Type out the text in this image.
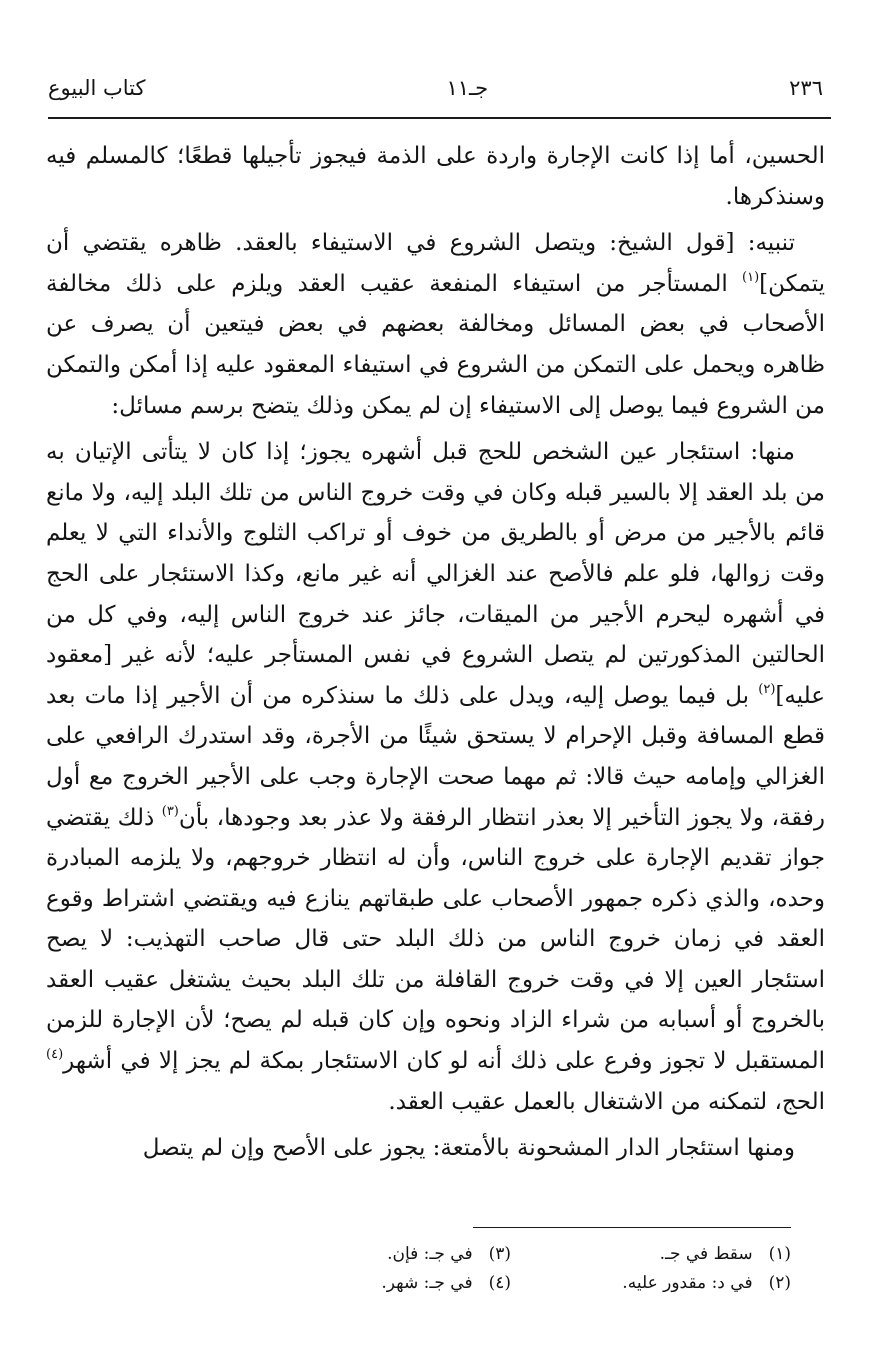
٢٣٦
جـ١١
كتاب البيوع

الحسين، أما إذا كانت الإجارة واردة على الذمة فيجوز تأجيلها قطعًا؛ كالمسلم فيه وسنذكرها.

تنبيه: [قول الشيخ: ويتصل الشروع في الاستيفاء بالعقد. ظاهره يقتضي أن يتمكن]$^{(١)}$ المستأجر من استيفاء المنفعة عقيب العقد ويلزم على ذلك مخالفة الأصحاب في بعض المسائل ومخالفة بعضهم في بعض فيتعين أن يصرف عن ظاهره ويحمل على التمكن من الشروع في استيفاء المعقود عليه إذا أمكن والتمكن من الشروع فيما يوصل إلى الاستيفاء إن لم يمكن وذلك يتضح برسم مسائل:

منها: استئجار عين الشخص للحج قبل أشهره يجوز؛ إذا كان لا يتأتى الإتيان به من بلد العقد إلا بالسير قبله وكان في وقت خروج الناس من تلك البلد إليه، ولا مانع قائم بالأجير من مرض أو بالطريق من خوف أو تراكب الثلوج والأنداء التي لا يعلم وقت زوالها، فلو علم فالأصح عند الغزالي أنه غير مانع، وكذا الاستئجار على الحج في أشهره ليحرم الأجير من الميقات، جائز عند خروج الناس إليه، وفي كل من الحالتين المذكورتين لم يتصل الشروع في نفس المستأجر عليه؛ لأنه غير [معقود عليه]$^{(٢)}$ بل فيما يوصل إليه، ويدل على ذلك ما سنذكره من أن الأجير إذا مات بعد قطع المسافة وقبل الإحرام لا يستحق شيئًا من الأجرة، وقد استدرك الرافعي على الغزالي وإمامه حيث قالا: ثم مهما صحت الإجارة وجب على الأجير الخروج مع أول رفقة، ولا يجوز التأخير إلا بعذر انتظار الرفقة ولا عذر بعد وجودها، بأن$^{(٣)}$ ذلك يقتضي جواز تقديم الإجارة على خروج الناس، وأن له انتظار خروجهم، ولا يلزمه المبادرة وحده، والذي ذكره جمهور الأصحاب على طبقاتهم ينازع فيه ويقتضي اشتراط وقوع العقد في زمان خروج الناس من ذلك البلد حتى قال صاحب التهذيب: لا يصح استئجار العين إلا في وقت خروج القافلة من تلك البلد بحيث يشتغل عقيب العقد بالخروج أو أسبابه من شراء الزاد ونحوه وإن كان قبله لم يصح؛ لأن الإجارة للزمن المستقبل لا تجوز وفرع على ذلك أنه لو كان الاستئجار بمكة لم يجز إلا في أشهر$^{(٤)}$ الحج، لتمكنه من الاشتغال بالعمل عقيب العقد.

ومنها استئجار الدار المشحونة بالأمتعة: يجوز على الأصح وإن لم يتصل

(١)سقط في جـ.
(٣)في جـ: فإن.
(٢)في د: مقدور عليه.
(٤)في جـ: شهر.
